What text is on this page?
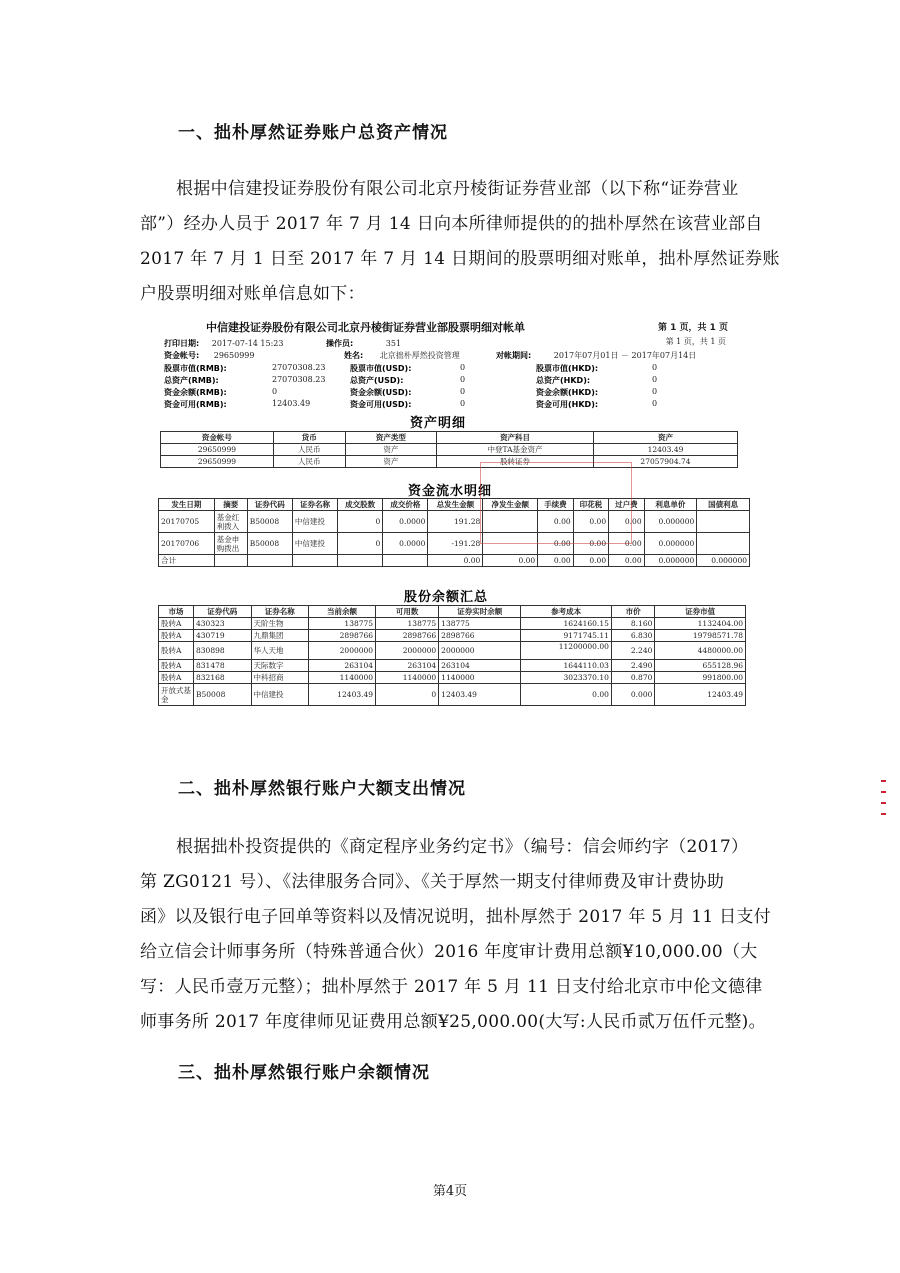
一、拙朴厚然证券账户总资产情况
根据中信建投证券股份有限公司北京丹棱街证券营业部（以下称“证券营业
部”）经办人员于 2017 年 7 月 14 日向本所律师提供的的拙朴厚然在该营业部自
2017 年 7 月 1 日至 2017 年 7 月 14 日期间的股票明细对账单，拙朴厚然证券账
户股票明细对账单信息如下：
中信建投证券股份有限公司北京丹棱街证券营业部股票明细对帐单	第 1 页，共 1 页
第 1 页，共 1 页
打印日期: 2017-07-14 15:23	操作员:	351
资金帐号: 29650999	姓名: 北京拙朴厚然投资管理	对帐期间:	2017年07月01日 － 2017年07月14日
股票市值(RMB):	27070308.23	股票市值(USD):	0	股票市值(HKD):	0
总资产(RMB):	27070308.23	总资产(USD):	0	总资产(HKD):	0
资金余额(RMB):	0	资金余额(USD):	0	资金余额(HKD):	0
资金可用(RMB):	12403.49	资金可用(USD):	0	资金可用(HKD):	0
资产明细
资金帐号	货币	资产类型	资产科目	资产
29650999	人民币	资产	中登TA基金资产	12403.49
29650999	人民币	资产	股转证券	27057904.74
资金流水明细
发生日期	摘要	证券代码	证券名称	成交股数	成交价格	总发生金额	净发生金额	手续费	印花税	过户费	利息单价	国债利息
20170705	基金红利拨入	B50008	中信建投	0	0.0000	191.28		0.00	0.00	0.00	0.000000	
20170706	基金申购拨出	B50008	中信建投	0	0.0000	-191.28		0.00	0.00	0.00	0.000000	
合计						0.00	0.00	0.00	0.00	0.00	0.000000	0.000000
股份余额汇总
市场	证券代码	证券名称	当前余额	可用数	证券实时余额	参考成本	市价	证券市值
股转A	430323	天阶生物	138775	138775	138775	1624160.15	8.160	1132404.00
股转A	430719	九鼎集团	2898766	2898766	2898766	9171745.11	6.830	19798571.78
股转A	830898	华人天地	2000000	2000000	2000000	11200000.00	2.240	4480000.00
股转A	831478	天际数字	263104	263104	263104	1644110.03	2.490	655128.96
股转A	832168	中科招商	1140000	1140000	1140000	3023370.10	0.870	991800.00
开放式基金	B50008	中信建投	12403.49	0	12403.49	0.00	0.000	12403.49
二、拙朴厚然银行账户大额支出情况
根据拙朴投资提供的《商定程序业务约定书》（编号：信会师约字（2017）
第 ZG0121 号）、《法律服务合同》、《关于厚然一期支付律师费及审计费协助
函》以及银行电子回单等资料以及情况说明，拙朴厚然于 2017 年 5 月 11 日支付
给立信会计师事务所（特殊普通合伙）2016 年度审计费用总额¥10,000.00（大
写：人民币壹万元整）；拙朴厚然于 2017 年 5 月 11 日支付给北京市中伦文德律
师事务所 2017 年度律师见证费用总额¥25,000.00(大写:人民币贰万伍仟元整)。
三、拙朴厚然银行账户余额情况
第4页
